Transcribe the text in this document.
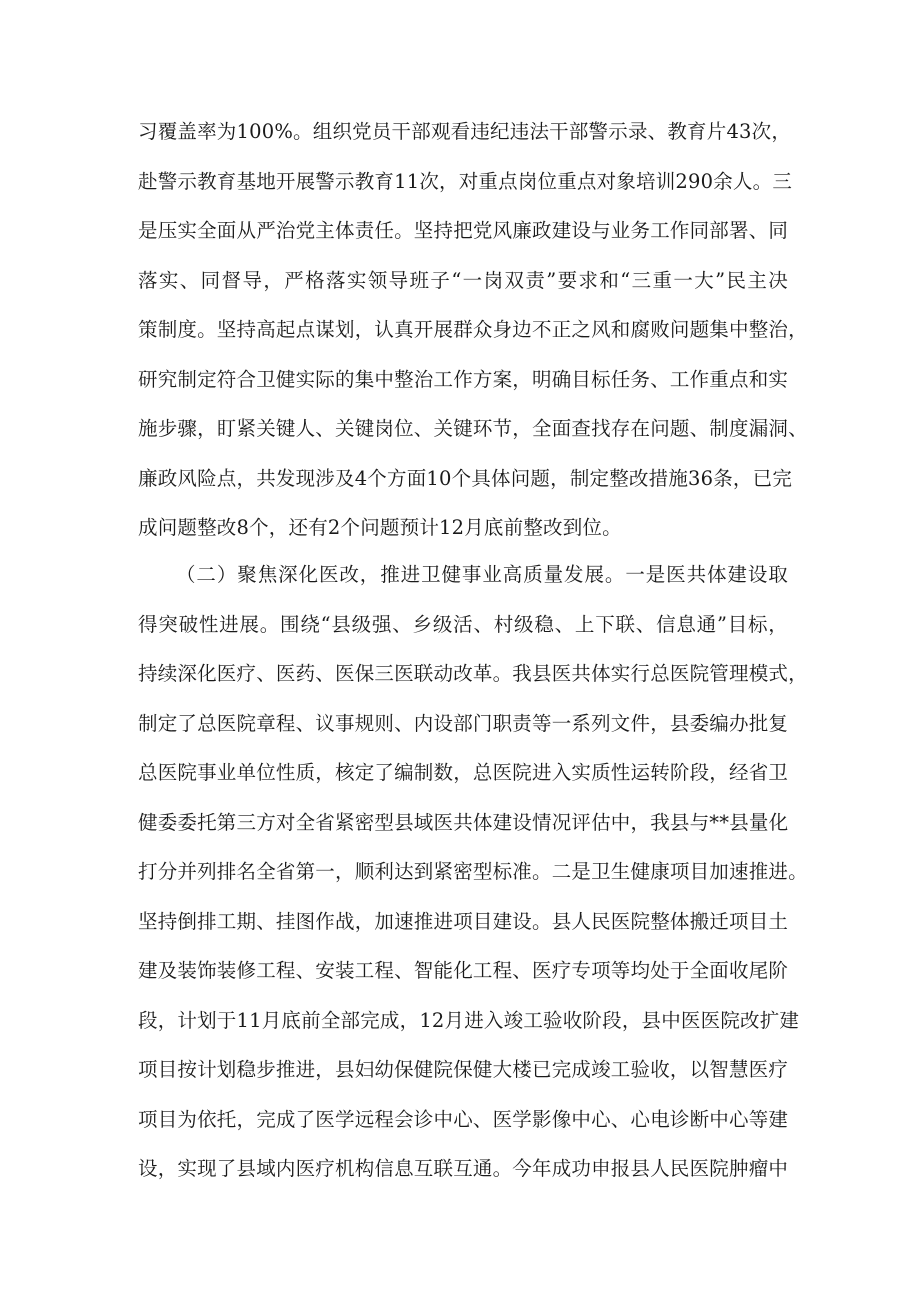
习覆盖率为100%。组织党员干部观看违纪违法干部警示录、教育片43次，
赴警示教育基地开展警示教育11次，对重点岗位重点对象培训290余人。三
是压实全面从严治党主体责任。坚持把党风廉政建设与业务工作同部署、同
落实、同督导，严格落实领导班子“一岗双责”要求和“三重一大”民主决
策制度。坚持高起点谋划，认真开展群众身边不正之风和腐败问题集中整治，
研究制定符合卫健实际的集中整治工作方案，明确目标任务、工作重点和实
施步骤，盯紧关键人、关键岗位、关键环节，全面查找存在问题、制度漏洞、
廉政风险点，共发现涉及4个方面10个具体问题，制定整改措施36条，已完
成问题整改8个，还有2个问题预计12月底前整改到位。

（二）聚焦深化医改，推进卫健事业高质量发展。一是医共体建设取
得突破性进展。围绕“县级强、乡级活、村级稳、上下联、信息通”目标，
持续深化医疗、医药、医保三医联动改革。我县医共体实行总医院管理模式，
制定了总医院章程、议事规则、内设部门职责等一系列文件，县委编办批复
总医院事业单位性质，核定了编制数，总医院进入实质性运转阶段，经省卫
健委委托第三方对全省紧密型县域医共体建设情况评估中，我县与**县量化
打分并列排名全省第一，顺利达到紧密型标准。二是卫生健康项目加速推进。
坚持倒排工期、挂图作战，加速推进项目建设。县人民医院整体搬迁项目土
建及装饰装修工程、安装工程、智能化工程、医疗专项等均处于全面收尾阶
段，计划于11月底前全部完成，12月进入竣工验收阶段，县中医医院改扩建
项目按计划稳步推进，县妇幼保健院保健大楼已完成竣工验收，以智慧医疗
项目为依托，完成了医学远程会诊中心、医学影像中心、心电诊断中心等建
设，实现了县域内医疗机构信息互联互通。今年成功申报县人民医院肿瘤中
